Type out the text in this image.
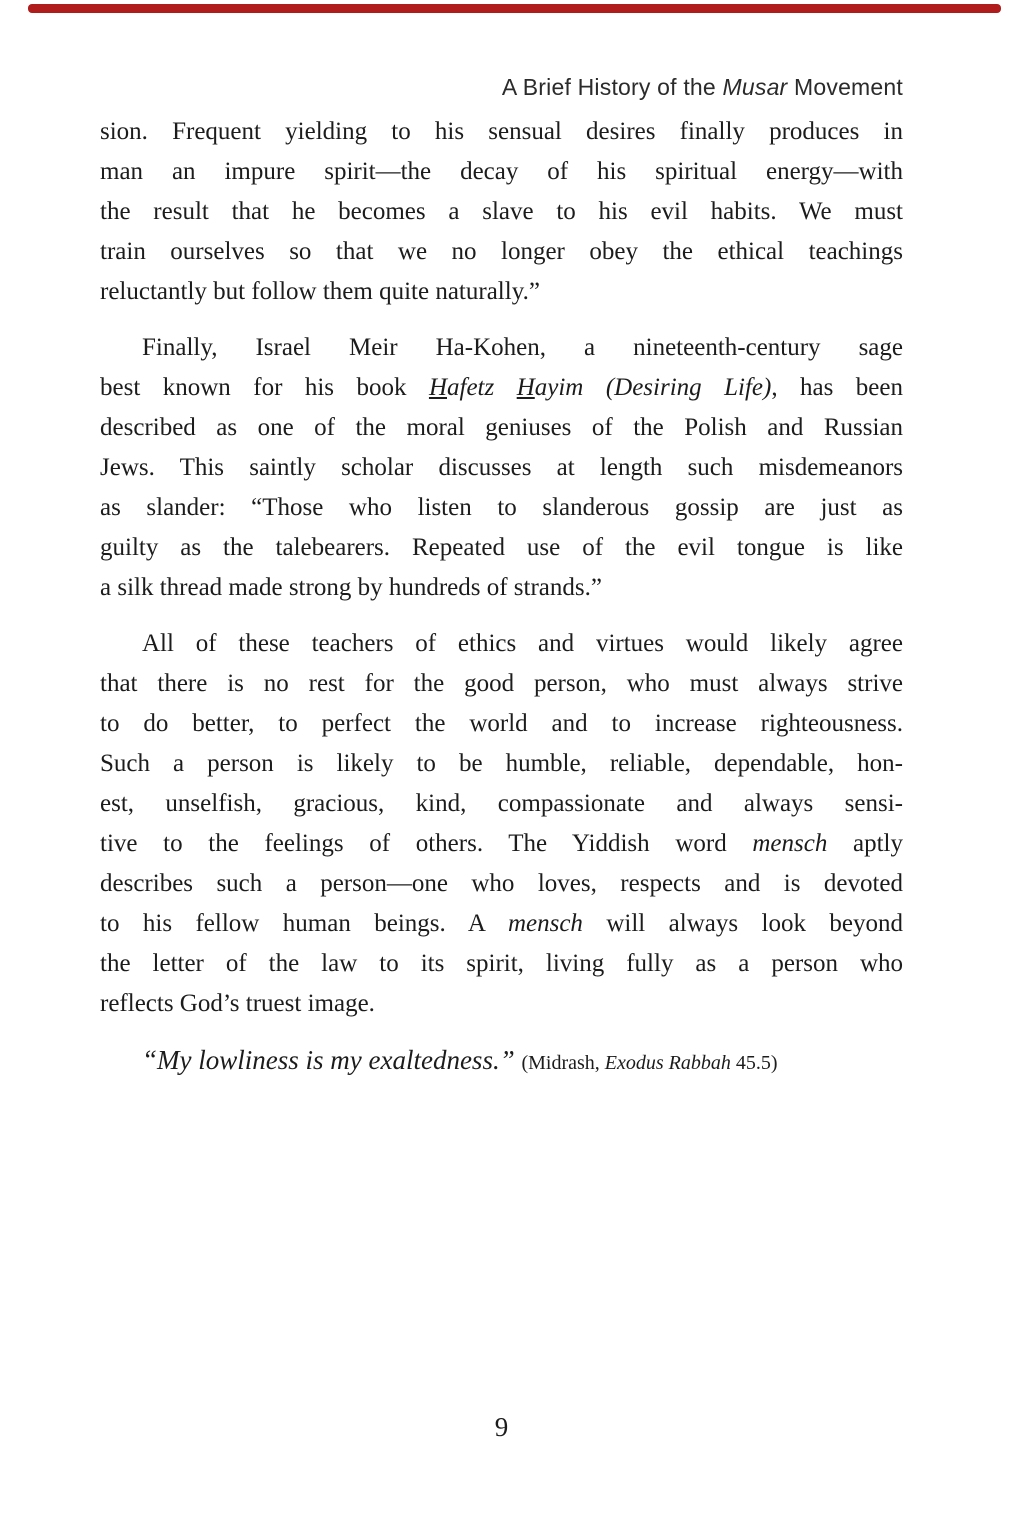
A Brief History of the Musar Movement
sion. Frequent yielding to his sensual desires finally produces in
man an impure spirit—the decay of his spiritual energy—with
the result that he becomes a slave to his evil habits. We must
train ourselves so that we no longer obey the ethical teachings
reluctantly but follow them quite naturally.”
Finally, Israel Meir Ha-Kohen, a nineteenth-century sage
best known for his book Hafetz Hayim (Desiring Life), has been
described as one of the moral geniuses of the Polish and Russian
Jews. This saintly scholar discusses at length such misdemeanors
as slander: “Those who listen to slanderous gossip are just as
guilty as the talebearers. Repeated use of the evil tongue is like
a silk thread made strong by hundreds of strands.”
All of these teachers of ethics and virtues would likely agree
that there is no rest for the good person, who must always strive
to do better, to perfect the world and to increase righteousness.
Such a person is likely to be humble, reliable, dependable, hon-
est, unselfish, gracious, kind, compassionate and always sensi-
tive to the feelings of others. The Yiddish word mensch aptly
describes such a person—one who loves, respects and is devoted
to his fellow human beings. A mensch will always look beyond
the letter of the law to its spirit, living fully as a person who
reflects God’s truest image.
“My lowliness is my exaltedness.” (Midrash, Exodus Rabbah 45.5)
9
